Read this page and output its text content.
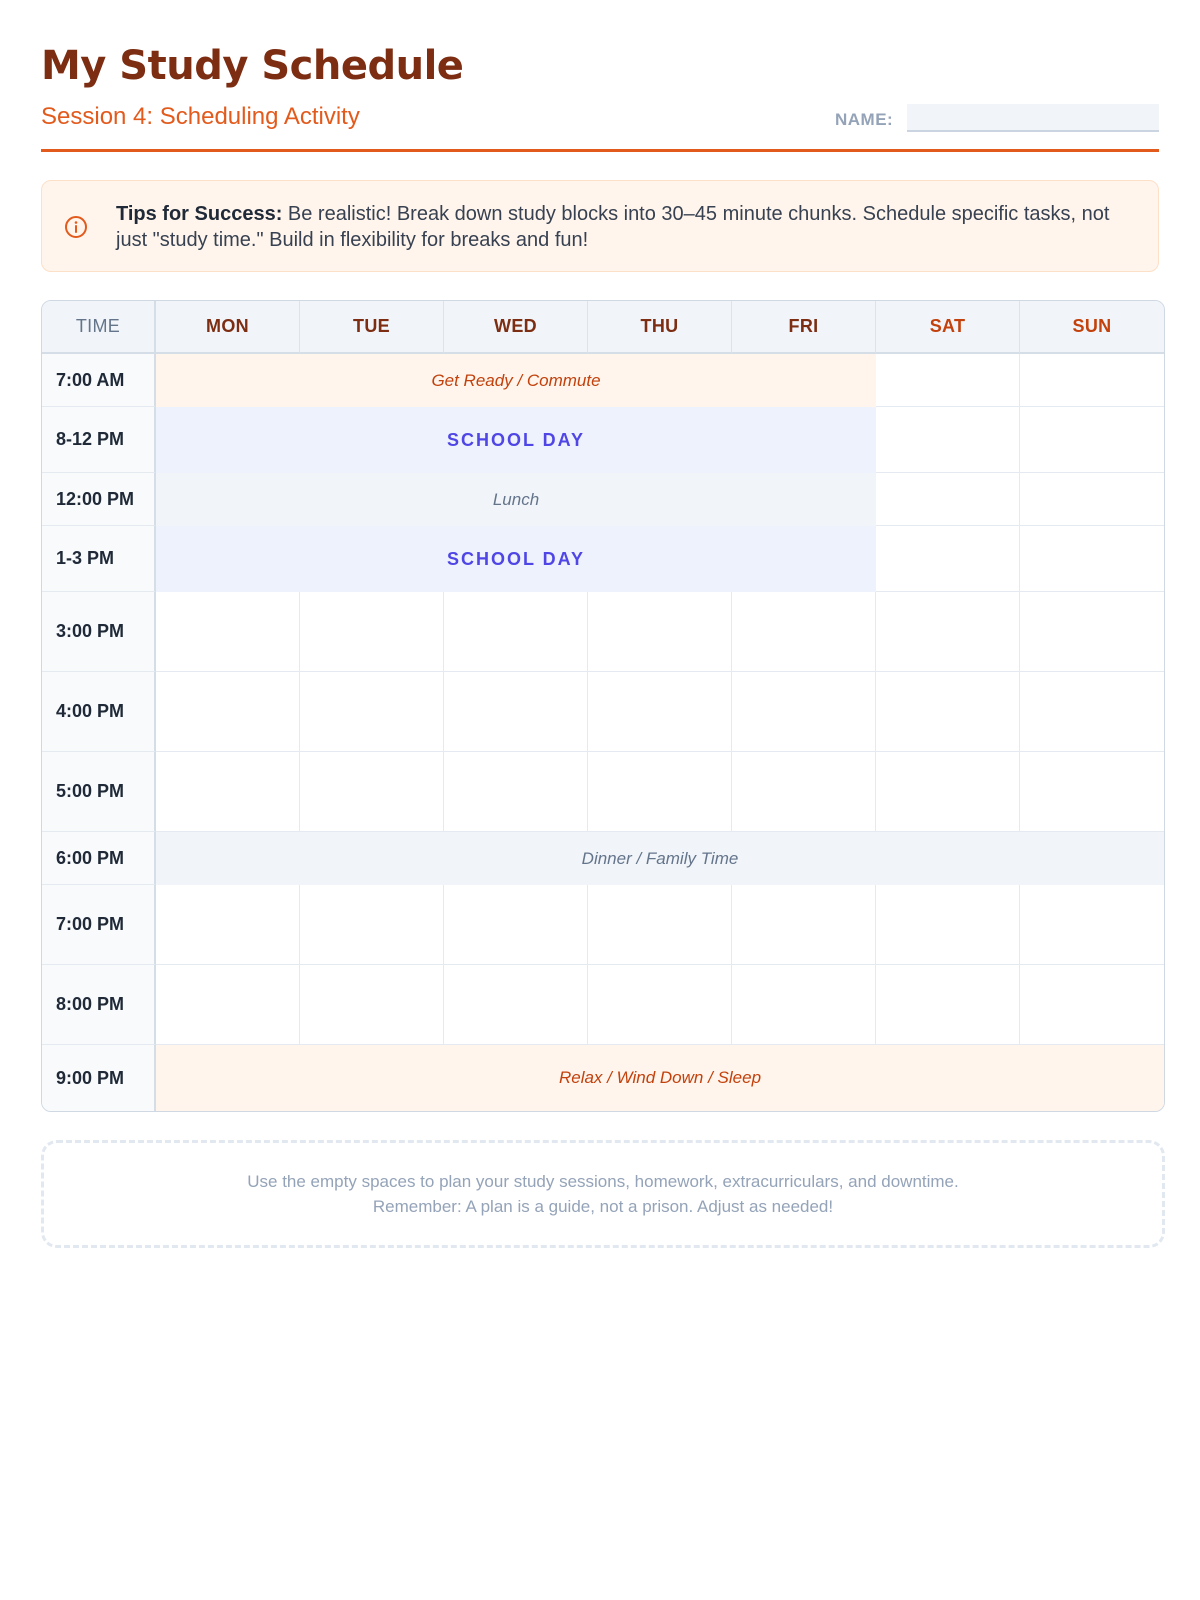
My Study Schedule
Session 4: Scheduling Activity	NAME:
Tips for Success: Be realistic! Break down study blocks into 30–45 minute chunks. Schedule specific tasks, not just "study time." Build in flexibility for breaks and fun!
TIME	MON	TUE	WED	THU	FRI	SAT	SUN
7:00 AM	Get Ready / Commute
8-12 PM	SCHOOL DAY
12:00 PM	Lunch
1-3 PM	SCHOOL DAY
3:00 PM
4:00 PM
5:00 PM
6:00 PM	Dinner / Family Time
7:00 PM
8:00 PM
9:00 PM	Relax / Wind Down / Sleep
Use the empty spaces to plan your study sessions, homework, extracurriculars, and downtime.
Remember: A plan is a guide, not a prison. Adjust as needed!
